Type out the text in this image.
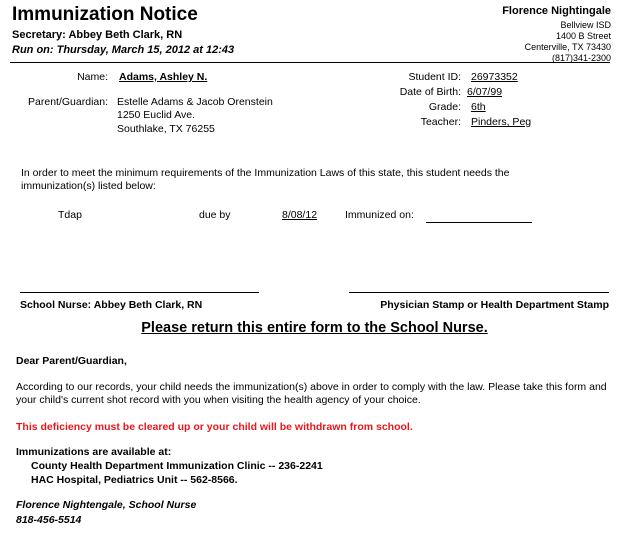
Immunization Notice
Secretary: Abbey Beth Clark, RN
Run on: Thursday, March 15, 2012 at 12:43
Florence Nightingale
Bellview ISD
1400 B Street
Centerville, TX 73430
(817)341-2300
Name: Adams, Ashley N.
Parent/Guardian: Estelle Adams & Jacob Orenstein
1250 Euclid Ave.
Southlake, TX 76255
Student ID: 26973352
Date of Birth: 6/07/99
Grade: 6th
Teacher: Pinders, Peg
In order to meet the minimum requirements of the Immunization Laws of this state, this student needs the immunization(s) listed below:
Tdap	due by	8/08/12	Immunized on:
School Nurse: Abbey Beth Clark, RN	Physician Stamp or Health Department Stamp
Please return this entire form to the School Nurse.
Dear Parent/Guardian,
According to our records, your child needs the immunization(s) above in order to comply with the law. Please take this form and your child's current shot record with you when visiting the health agency of your choice.
This deficiency must be cleared up or your child will be withdrawn from school.
Immunizations are available at:
County Health Department Immunization Clinic -- 236-2241
HAC Hospital, Pediatrics Unit -- 562-8566.
Florence Nightengale, School Nurse
818-456-5514
